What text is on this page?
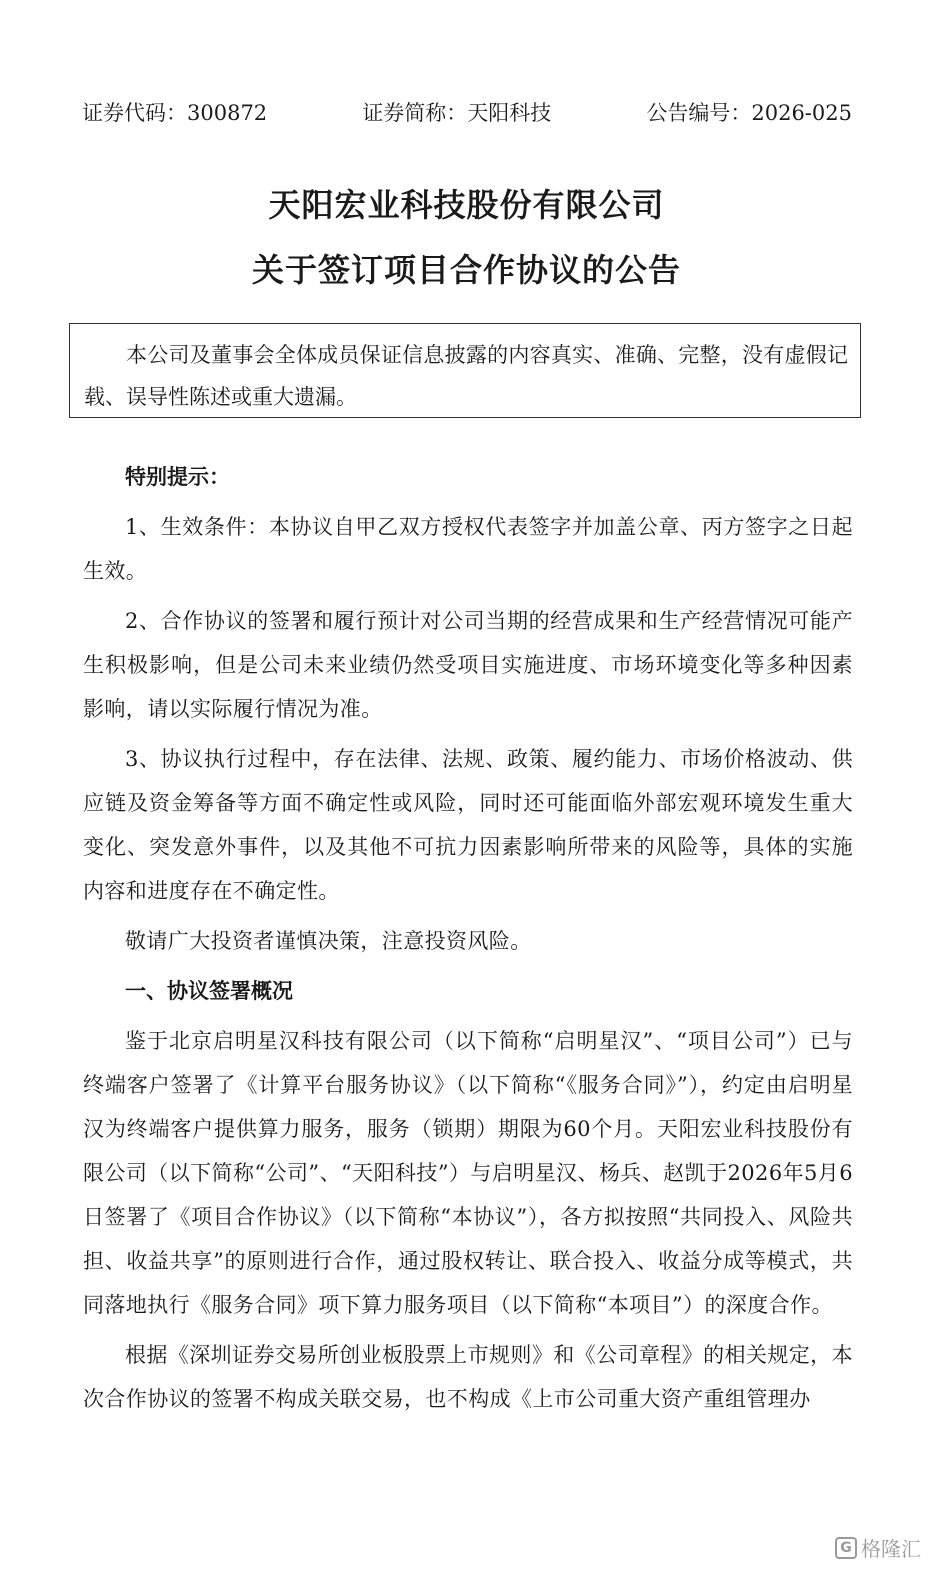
证券代码：300872	证券简称：天阳科技	公告编号：2026-025
天阳宏业科技股份有限公司
关于签订项目合作协议的公告

本公司及董事会全体成员保证信息披露的内容真实、准确、完整，没有虚假记载、误导性陈述或重大遗漏。

特别提示：

1、生效条件：本协议自甲乙双方授权代表签字并加盖公章、丙方签字之日起生效。

2、合作协议的签署和履行预计对公司当期的经营成果和生产经营情况可能产生积极影响，但是公司未来业绩仍然受项目实施进度、市场环境变化等多种因素影响，请以实际履行情况为准。

3、协议执行过程中，存在法律、法规、政策、履约能力、市场价格波动、供应链及资金筹备等方面不确定性或风险，同时还可能面临外部宏观环境发生重大变化、突发意外事件，以及其他不可抗力因素影响所带来的风险等，具体的实施内容和进度存在不确定性。

敬请广大投资者谨慎决策，注意投资风险。

一、协议签署概况

鉴于北京启明星汉科技有限公司（以下简称“启明星汉”、“项目公司”）已与终端客户签署了《计算平台服务协议》（以下简称“《服务合同》”），约定由启明星汉为终端客户提供算力服务，服务（锁期）期限为60个月。天阳宏业科技股份有限公司（以下简称“公司”、“天阳科技”）与启明星汉、杨兵、赵凯于2026年5月6日签署了《项目合作协议》（以下简称“本协议”），各方拟按照“共同投入、风险共担、收益共享”的原则进行合作，通过股权转让、联合投入、收益分成等模式，共同落地执行《服务合同》项下算力服务项目（以下简称“本项目”）的深度合作。

根据《深圳证券交易所创业板股票上市规则》和《公司章程》的相关规定，本次合作协议的签署不构成关联交易，也不构成《上市公司重大资产重组管理办

G 格隆汇
